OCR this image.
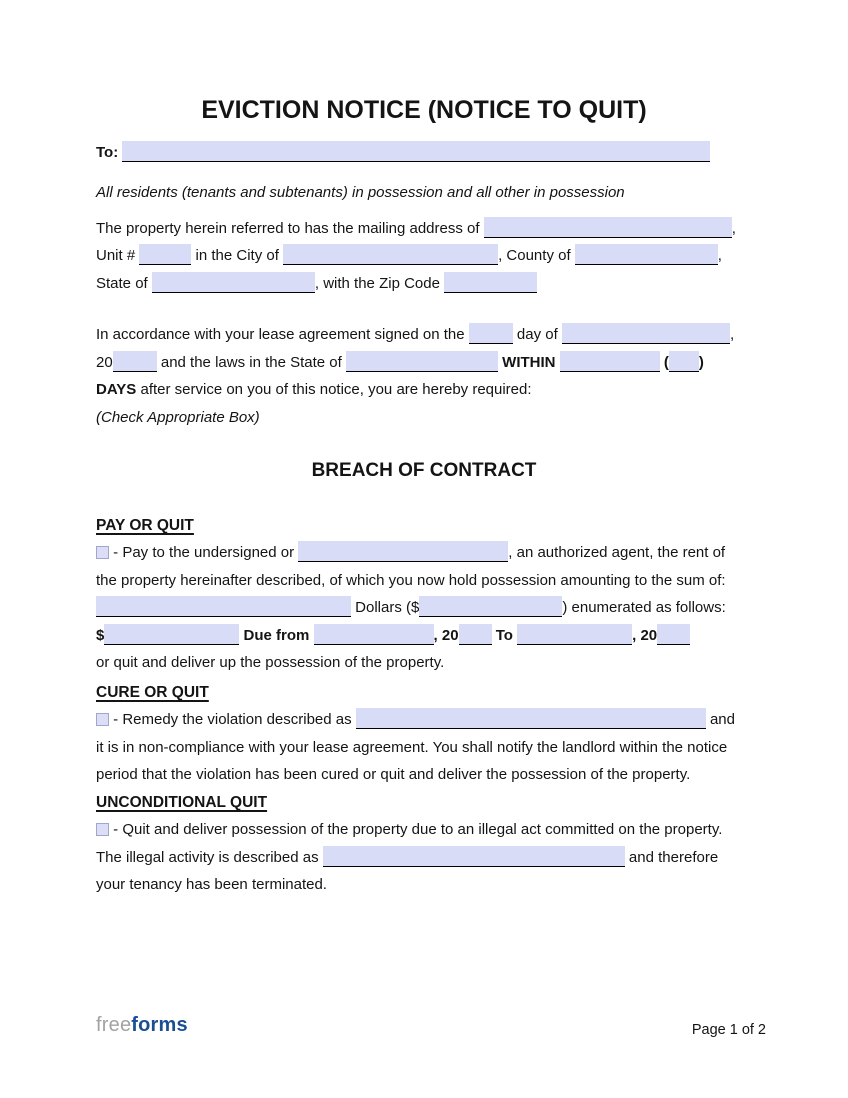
EVICTION NOTICE (NOTICE TO QUIT)
To:
All residents (tenants and subtenants) in possession and all other in possession
The property herein referred to has the mailing address of	,
Unit #	in the City of	, County of	,
State of	, with the Zip Code
In accordance with your lease agreement signed on the	day of	,
20	and the laws in the State of	WITHIN	( )
DAYS after service on you of this notice, you are hereby required:
(Check Appropriate Box)
BREACH OF CONTRACT
PAY OR QUIT
- Pay to the undersigned or	, an authorized agent, the rent of
the property hereinafter described, of which you now hold possession amounting to the sum of:
Dollars ($	) enumerated as follows:
$	Due from	, 20 To	, 20
or quit and deliver up the possession of the property.
CURE OR QUIT
- Remedy the violation described as	and
it is in non-compliance with your lease agreement. You shall notify the landlord within the notice
period that the violation has been cured or quit and deliver the possession of the property.
UNCONDITIONAL QUIT
- Quit and deliver possession of the property due to an illegal act committed on the property.
The illegal activity is described as	and therefore
your tenancy has been terminated.
freeforms	Page 1 of 2
